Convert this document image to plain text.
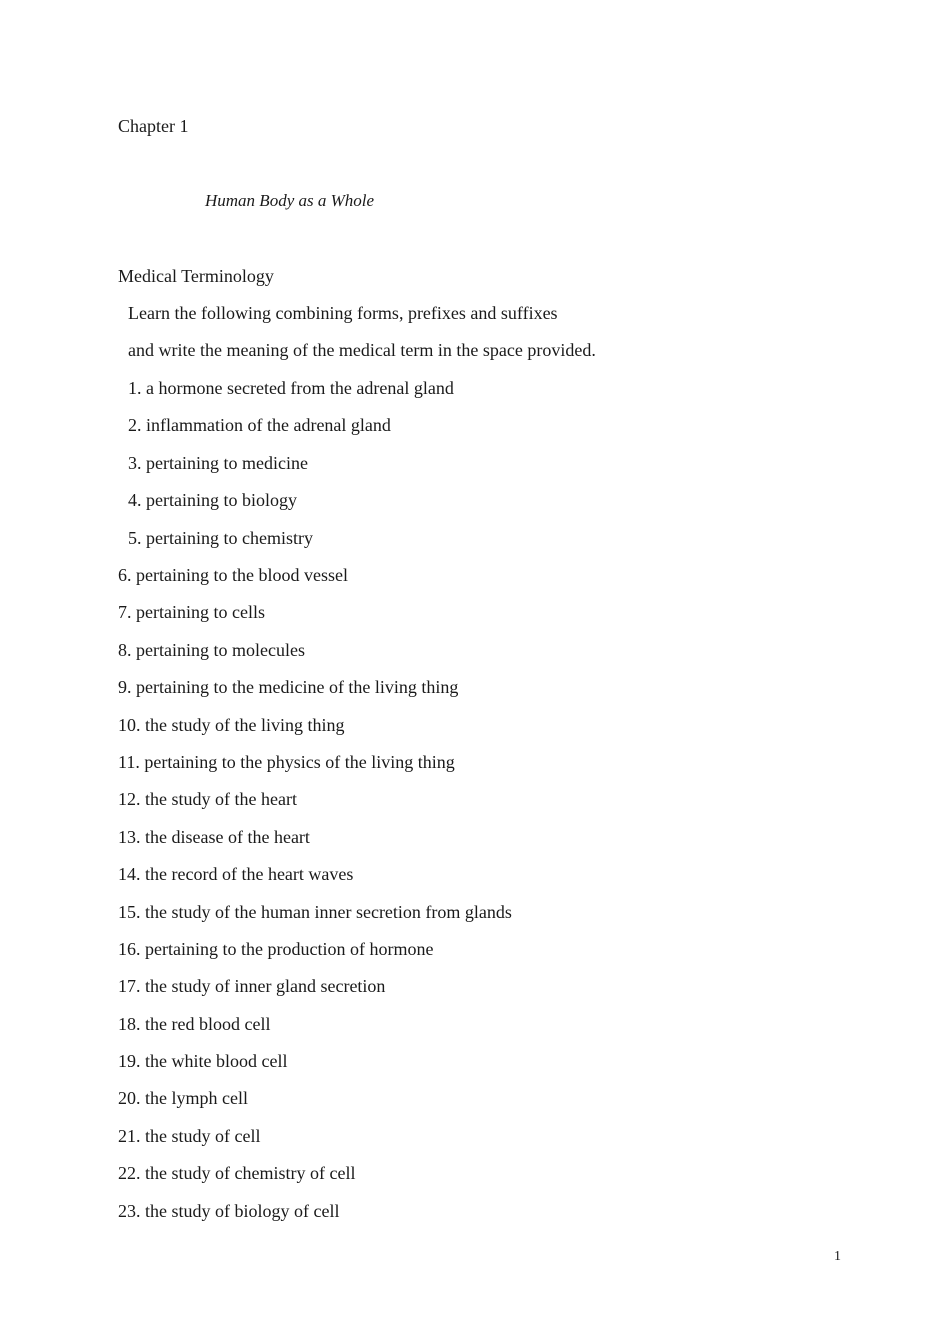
Chapter 1
Human Body as a Whole
Medical Terminology
Learn the following combining forms, prefixes and suffixes
and write the meaning of the medical term in the space provided.
1. a hormone secreted from the adrenal gland
2. inflammation of the adrenal gland
3. pertaining to medicine
4. pertaining to biology
5. pertaining to chemistry
6. pertaining to the blood vessel
7. pertaining to cells
8. pertaining to molecules
9. pertaining to the medicine of the living thing
10. the study of the living thing
11. pertaining to the physics of the living thing
12. the study of the heart
13. the disease of the heart
14. the record of the heart waves
15. the study of the human inner secretion from glands
16. pertaining to the production of hormone
17. the study of inner gland secretion
18. the red blood cell
19. the white blood cell
20. the lymph cell
21. the study of cell
22. the study of chemistry of cell
23. the study of biology of cell
1
